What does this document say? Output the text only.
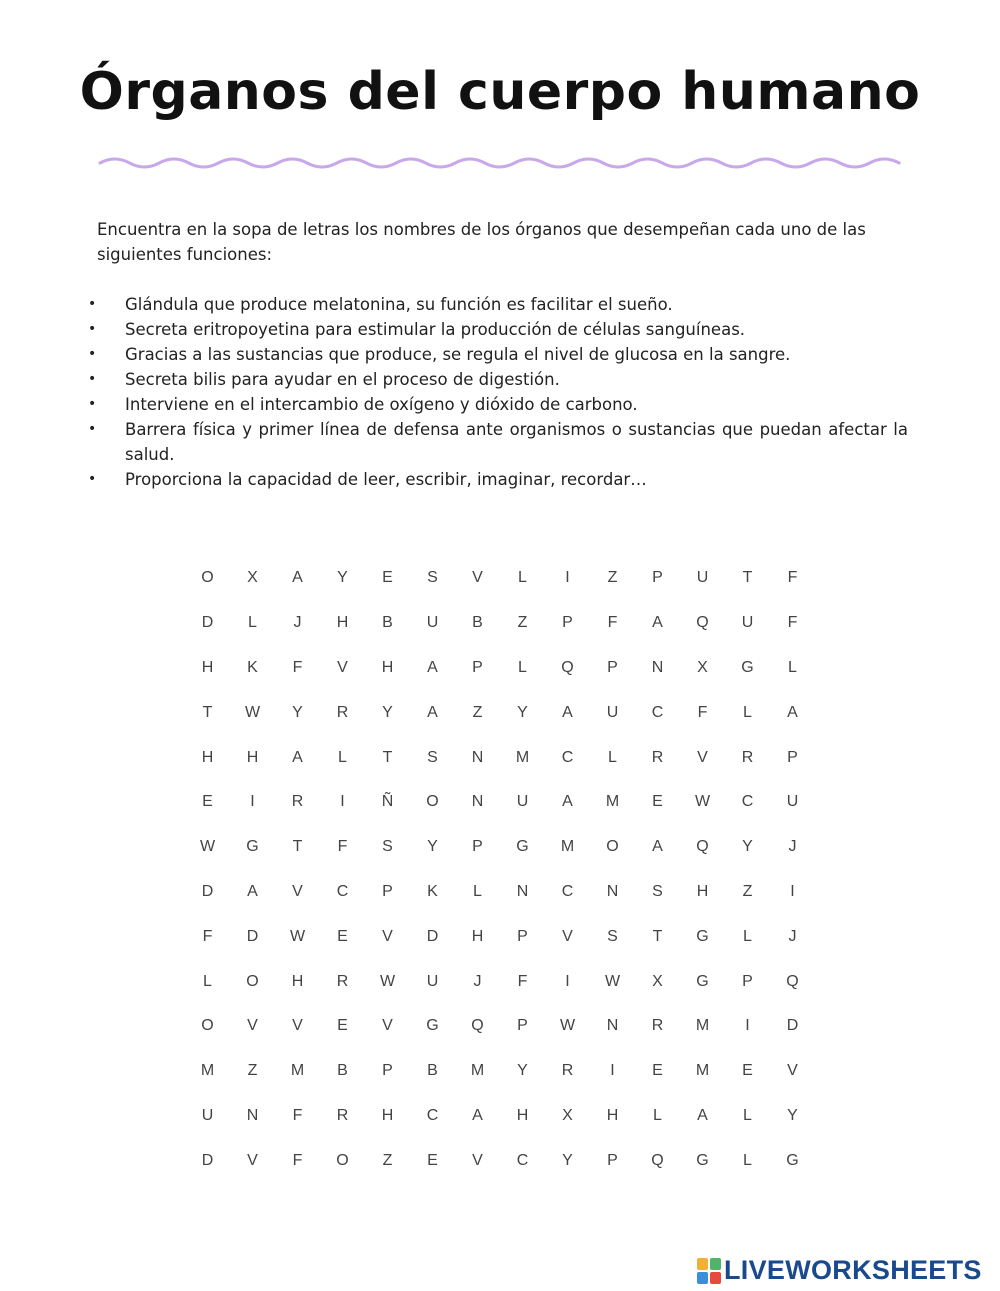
Órganos del cuerpo humano
Encuentra en la sopa de letras los nombres de los órganos que desempeñan cada uno de las siguientes funciones:
• Glándula que produce melatonina, su función es facilitar el sueño.
• Secreta eritropoyetina para estimular la producción de células sanguíneas.
• Gracias a las sustancias que produce, se regula el nivel de glucosa en la sangre.
• Secreta bilis para ayudar en el proceso de digestión.
• Interviene en el intercambio de oxígeno y dióxido de carbono.
• Barrera física y primer línea de defensa ante organismos o sustancias que puedan afectar la salud.
• Proporciona la capacidad de leer, escribir, imaginar, recordar…
O	X	A	Y	E	S	V	L	I	Z	P	U	T	F
D	L	J	H	B	U	B	Z	P	F	A	Q	U	F
H	K	F	V	H	A	P	L	Q	P	N	X	G	L
T	W	Y	R	Y	A	Z	Y	A	U	C	F	L	A
H	H	A	L	T	S	N	M	C	L	R	V	R	P
E	I	R	I	Ñ	O	N	U	A	M	E	W	C	U
W	G	T	F	S	Y	P	G	M	O	A	Q	Y	J
D	A	V	C	P	K	L	N	C	N	S	H	Z	I
F	D	W	E	V	D	H	P	V	S	T	G	L	J
L	O	H	R	W	U	J	F	I	W	X	G	P	Q
O	V	V	E	V	G	Q	P	W	N	R	M	I	D
M	Z	M	B	P	B	M	Y	R	I	E	M	E	V
U	N	F	R	H	C	A	H	X	H	L	A	L	Y
D	V	F	O	Z	E	V	C	Y	P	Q	G	L	G
LIVEWORKSHEETS
